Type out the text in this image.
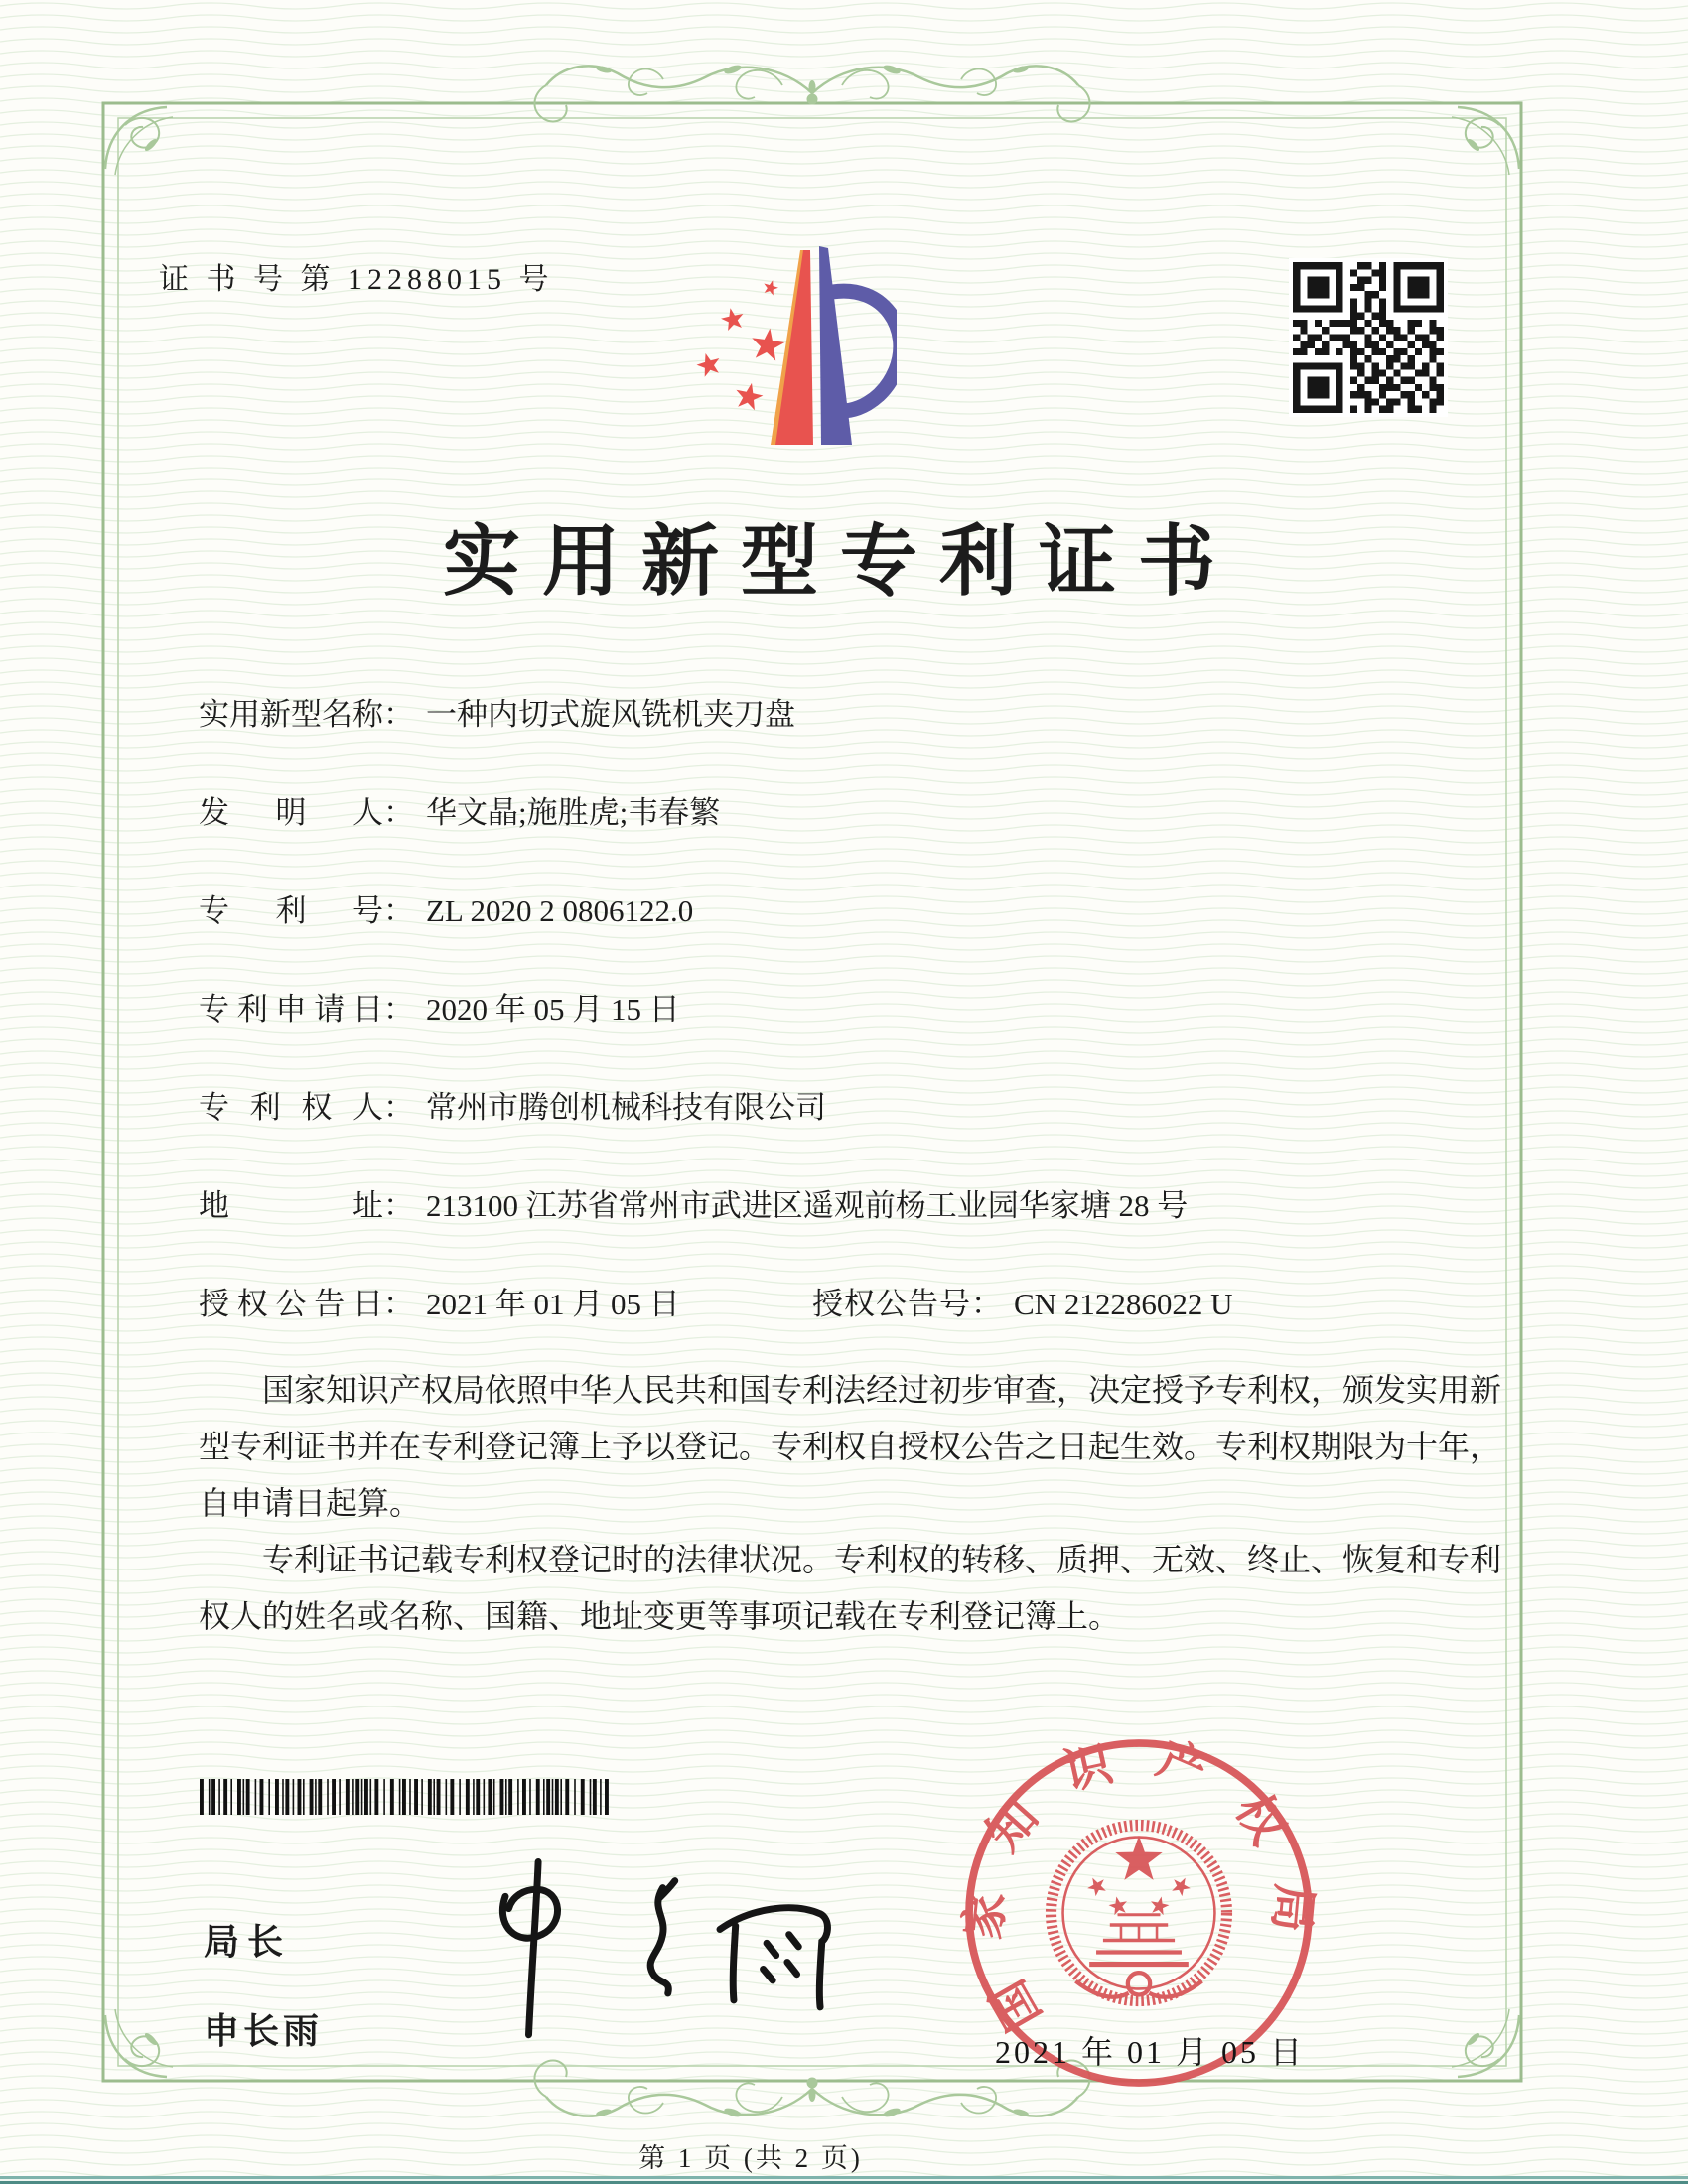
证 书 号 第 12288015 号
实用新型专利证书
实用新型名称： 一种内切式旋风铣机夹刀盘
发明人： 华文晶;施胜虎;韦春繁
专利号： ZL 2020 2 0806122.0
专利申请日： 2020 年 05 月 15 日
专利权人： 常州市腾创机械科技有限公司
地址： 213100 江苏省常州市武进区遥观前杨工业园华家塘 28 号
授权公告日： 2021 年 01 月 05 日	授权公告号： CN 212286022 U

国家知识产权局依照中华人民共和国专利法经过初步审查，决定授予专利权，颁发实用新型专利证书并在专利登记簿上予以登记。专利权自授权公告之日起生效。专利权期限为十年，自申请日起算。

专利证书记载专利权登记时的法律状况。专利权的转移、质押、无效、终止、恢复和专利权人的姓名或名称、国籍、地址变更等事项记载在专利登记簿上。

局长
申长雨	国家知识产权局
2021 年 01 月 05 日
第 1 页 (共 2 页)
